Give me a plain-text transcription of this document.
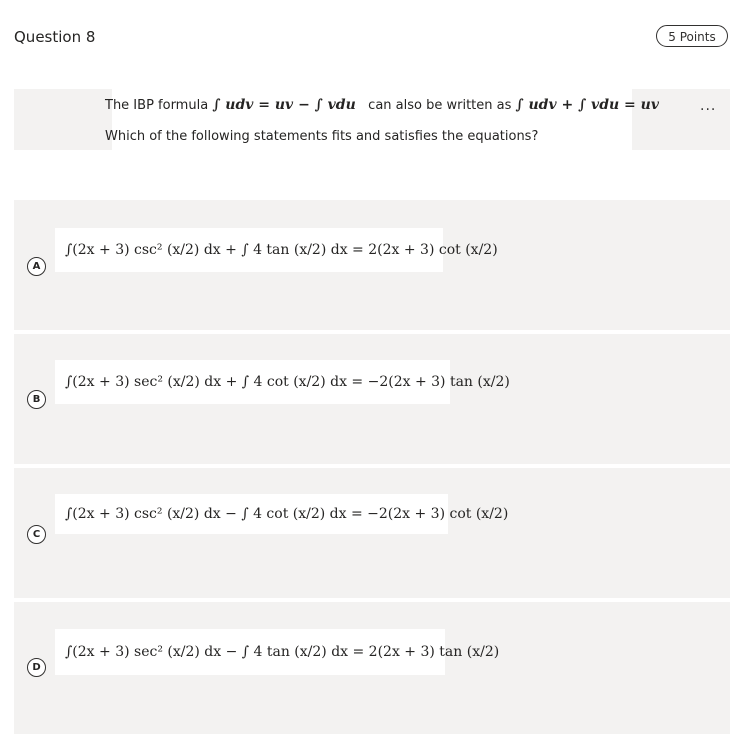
Question 8	5 Points
The IBP formula ∫ udv = uv − ∫ vdu can also be written as ∫ udv + ∫ vdu = uv
Which of the following statements fits and satisfies the equations?
...
∫(2x + 3) csc² (x/2) dx + ∫ 4 tan (x/2) dx = 2(2x + 3) cot (x/2)
A
∫(2x + 3) sec² (x/2) dx + ∫ 4 cot (x/2) dx = −2(2x + 3) tan (x/2)
B
∫(2x + 3) csc² (x/2) dx − ∫ 4 cot (x/2) dx = −2(2x + 3) cot (x/2)
C
∫(2x + 3) sec² (x/2) dx − ∫ 4 tan (x/2) dx = 2(2x + 3) tan (x/2)
D
